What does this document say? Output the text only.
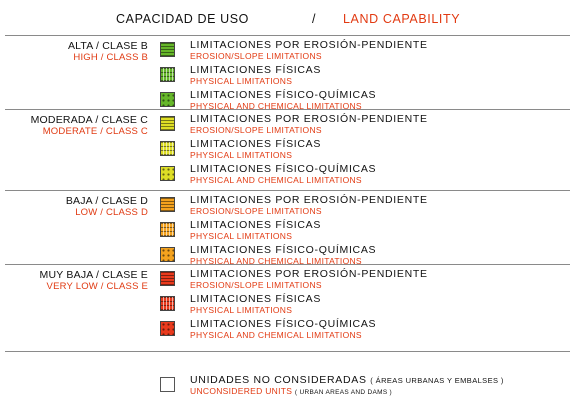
CAPACIDAD DE USO	/ LAND CAPABILITY
ALTA / CLASE B
HIGH / CLASS B
LIMITACIONES POR EROSIÓN-PENDIENTE
EROSION/SLOPE LIMITATIONS
LIMITACIONES FÍSICAS
PHYSICAL LIMITATIONS
LIMITACIONES FÍSICO-QUÍMICAS
PHYSICAL AND CHEMICAL LIMITATIONS
MODERADA / CLASE C
MODERATE / CLASS C
LIMITACIONES POR EROSIÓN-PENDIENTE
EROSION/SLOPE LIMITATIONS
LIMITACIONES FÍSICAS
PHYSICAL LIMITATIONS
LIMITACIONES FÍSICO-QUÍMICAS
PHYSICAL AND CHEMICAL LIMITATIONS
BAJA / CLASE D
LOW / CLASS D
LIMITACIONES POR EROSIÓN-PENDIENTE
EROSION/SLOPE LIMITATIONS
LIMITACIONES FÍSICAS
PHYSICAL LIMITATIONS
LIMITACIONES FÍSICO-QUÍMICAS
PHYSICAL AND CHEMICAL LIMITATIONS
MUY BAJA / CLASE E
VERY LOW / CLASS E
LIMITACIONES POR EROSIÓN-PENDIENTE
EROSION/SLOPE LIMITATIONS
LIMITACIONES FÍSICAS
PHYSICAL LIMITATIONS
LIMITACIONES FÍSICO-QUÍMICAS
PHYSICAL AND CHEMICAL LIMITATIONS
UNIDADES NO CONSIDERADAS ( ÁREAS URBANAS Y EMBALSES )
UNCONSIDERED UNITS ( URBAN AREAS AND DAMS )
